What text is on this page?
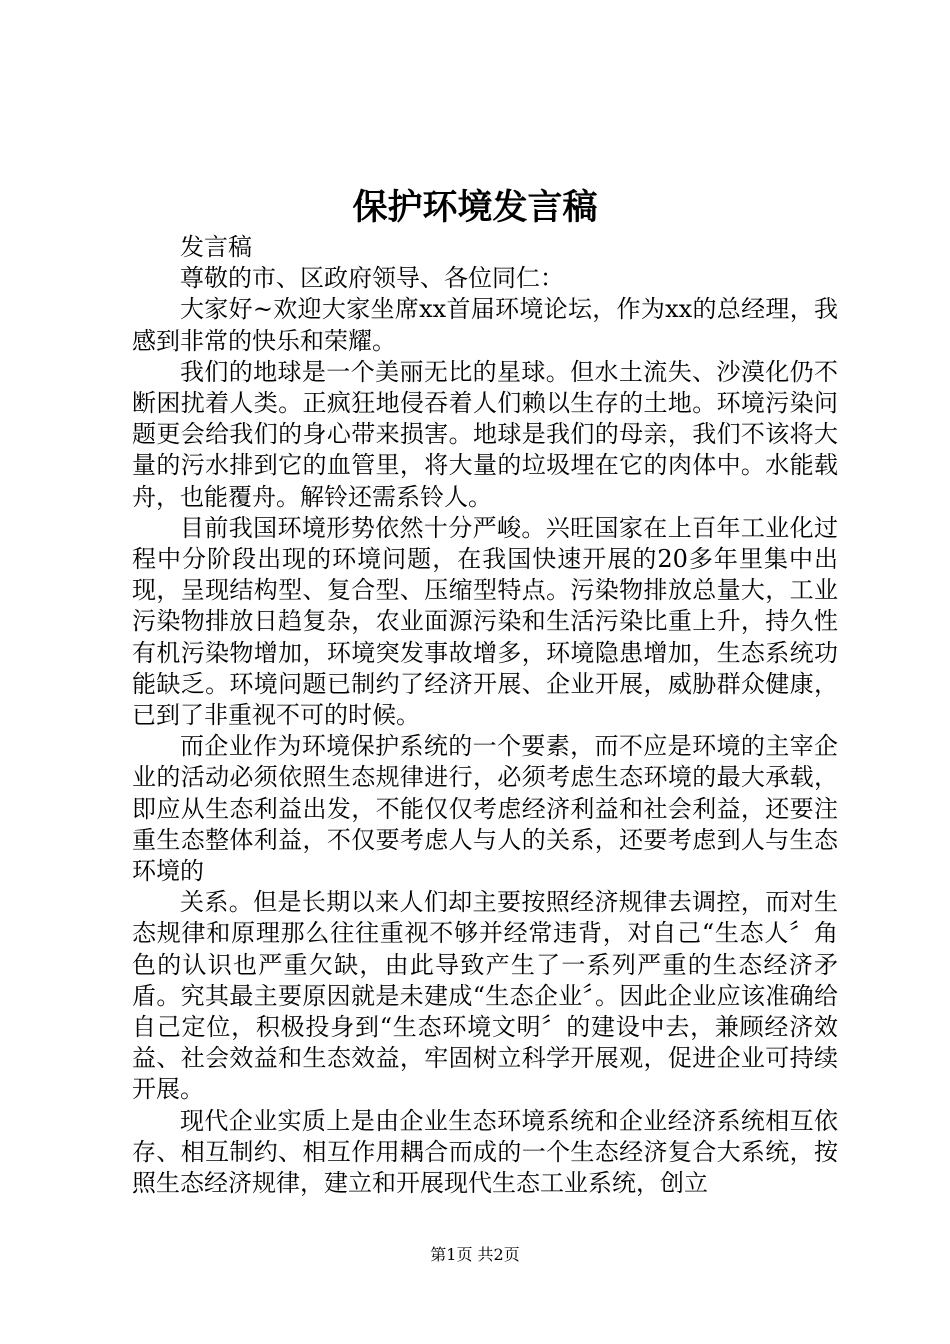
保护环境发言稿

发言稿

尊敬的市、区政府领导、各位同仁：

大家好~欢迎大家坐席xx首届环境论坛，作为xx的总经理，我感到非常的快乐和荣耀。

我们的地球是一个美丽无比的星球。但水土流失、沙漠化仍不断困扰着人类。正疯狂地侵吞着人们赖以生存的土地。环境污染问题更会给我们的身心带来损害。地球是我们的母亲，我们不该将大量的污水排到它的血管里，将大量的垃圾埋在它的肉体中。水能载舟，也能覆舟。解铃还需系铃人。

目前我国环境形势依然十分严峻。兴旺国家在上百年工业化过程中分阶段出现的环境问题，在我国快速开展的20多年里集中出现，呈现结构型、复合型、压缩型特点。污染物排放总量大，工业污染物排放日趋复杂，农业面源污染和生活污染比重上升，持久性有机污染物增加，环境突发事故增多，环境隐患增加，生态系统功能缺乏。环境问题已制约了经济开展、企业开展，威胁群众健康，已到了非重视不可的时候。

而企业作为环境保护系统的一个要素，而不应是环境的主宰企业的活动必须依照生态规律进行，必须考虑生态环境的最大承载，即应从生态利益出发，不能仅仅考虑经济利益和社会利益，还要注重生态整体利益，不仅要考虑人与人的关系，还要考虑到人与生态环境的

关系。但是长期以来人们却主要按照经济规律去调控，而对生态规律和原理那么往往重视不够并经常违背，对自己“生态人〞角色的认识也严重欠缺，由此导致产生了一系列严重的生态经济矛盾。究其最主要原因就是未建成“生态企业〞。因此企业应该准确给自己定位，积极投身到“生态环境文明〞的建设中去，兼顾经济效益、社会效益和生态效益，牢固树立科学开展观，促进企业可持续开展。

现代企业实质上是由企业生态环境系统和企业经济系统相互依存、相互制约、相互作用耦合而成的一个生态经济复合大系统，按照生态经济规律，建立和开展现代生态工业系统，创立

第1页 共2页
